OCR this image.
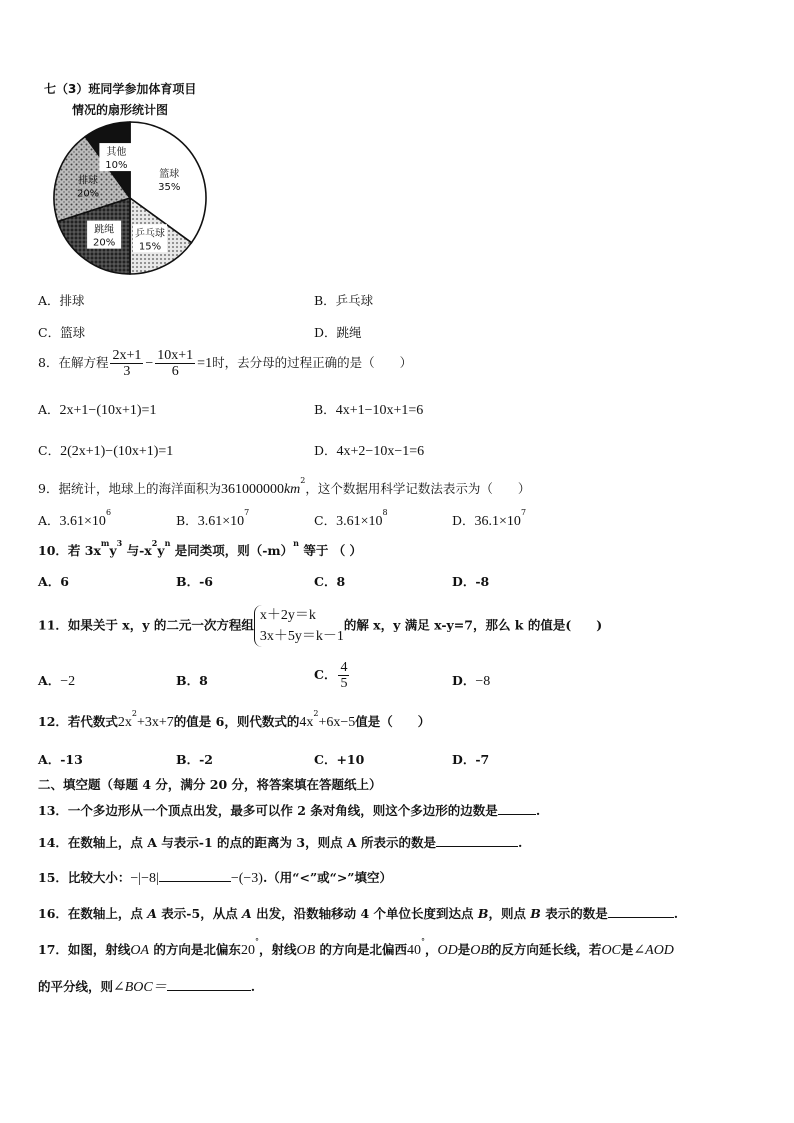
七（3）班同学参加体育项目
情况的扇形统计图
篮球
35%
乒乓球
15%
跳绳
20%
排球
20%
其他
10%
A．排球	B．乒乓球
C．篮球	D．跳绳
8．在解方程 $\frac{2x+1}{3} - \frac{10x+1}{6} =1$时，去分母的过程正确的是（　　）
A．2x+1−(10x+1)=1	B．4x+1−10x+1=6
C．2(2x+1)−(10x+1)=1	D．4x+2−10x−1=6
9．据统计，地球上的海洋面积为$361000000km^2$，这个数据用科学记数法表示为（　　）
A．$3.61\times 10^6$
B．$3.61\times 10^7$
C．$3.61\times 10^8$
D．$36.1\times 10^7$
10．若 $3x^my^3$ 与$-x^2y^n$ 是同类项，则$(-m)^n$ 等于 （ ）
A．6	B．-6	C．8	D．-8
11．如果关于 x，y 的二元一次方程组
x＋2y＝k
3x＋5y＝k－1
的解 x，y 满足 x-y=7，那么 k 的值是(　　)
A．−2	B．8	C． $\frac{4}{5}$	D．−8
12．若代数式$2x^2+3x+7$的值是 6，则代数式的$4x^2+6x-5$值是（　　）
A．-13	B．-2	C．+10	D．-7
二、填空题（每题 4 分，满分 20 分，将答案填在答题纸上）
13．一个多边形从一个顶点出发，最多可以作 2 条对角线，则这个多边形的边数是	.
14．在数轴上，点 A 与表示-1 的点的距离为 3，则点 A 所表示的数是	.
15．比较大小：−|−8|	−(−3).（用“<”或“>”填空）
16．在数轴上，点 A 表示-5，从点 A 出发，沿数轴移动 4 个单位长度到达点 B，则点 B 表示的数是	.
17．如图，射线OA 的方向是北偏东20°，射线OB 的方向是北偏西40°，OD是OB的反方向延长线，若OC是∠AOD
的平分线，则∠BOC＝	.
